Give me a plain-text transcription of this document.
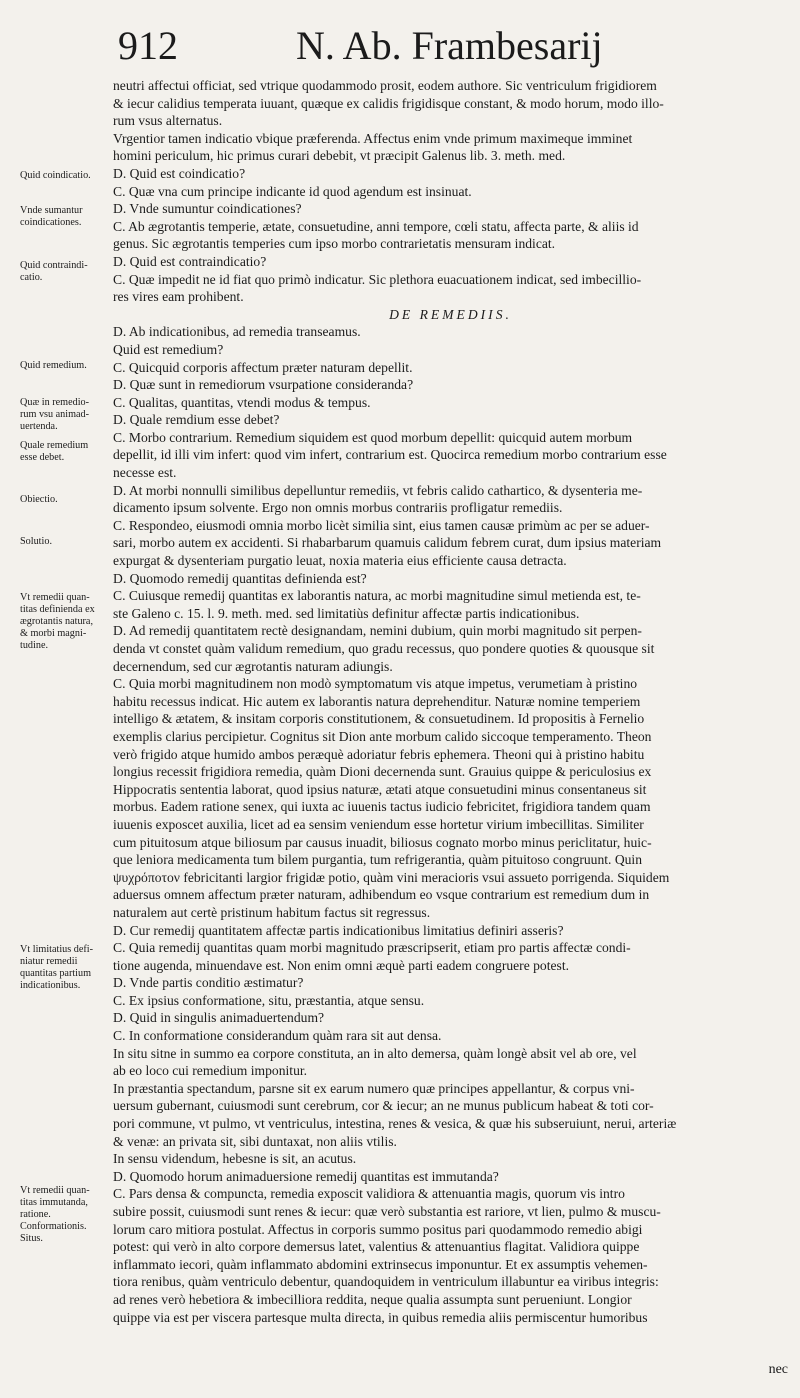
912	N. Ab. Frambesarij
neutri affectui officiat, sed vtrique quodammodo prosit, eodem authore. Sic ventriculum frigidiorem
& iecur calidius temperata iuuant, quæque ex calidis frigidisque constant, & modo horum, modo illo-
rum vsus alternatus.
Vrgentior tamen indicatio vbique præferenda. Affectus enim vnde primum maximeque imminet
homini periculum, hic primus curari debebit, vt præcipit Galenus lib. 3. meth. med.
D. Quid est coindicatio?
C. Quæ vna cum principe indicante id quod agendum est insinuat.
D. Vnde sumuntur coindicationes?
C. Ab ægrotantis temperie, ætate, consuetudine, anni tempore, cœli statu, affecta parte, & aliis id
genus. Sic ægrotantis temperies cum ipso morbo contrarietatis mensuram indicat.
D. Quid est contraindicatio?
C. Quæ impedit ne id fiat quo primò indicatur. Sic plethora euacuationem indicat, sed imbecillio-
res vires eam prohibent.
DE REMEDIIS.
D. Ab indicationibus, ad remedia transeamus.
Quid est remedium?
C. Quicquid corporis affectum præter naturam depellit.
D. Quæ sunt in remediorum vsurpatione consideranda?
C. Qualitas, quantitas, vtendi modus & tempus.
D. Quale remdium esse debet?
C. Morbo contrarium. Remedium siquidem est quod morbum depellit: quicquid autem morbum
depellit, id illi vim infert: quod vim infert, contrarium est. Quocirca remedium morbo contrarium esse
necesse est.
D. At morbi nonnulli similibus depelluntur remediis, vt febris calido cathartico, & dysenteria me-
dicamento ipsum solvente. Ergo non omnis morbus contrariis profligatur remediis.
C. Respondeo, eiusmodi omnia morbo licèt similia sint, eius tamen causæ primùm ac per se aduer-
sari, morbo autem ex accidenti. Si rhabarbarum quamuis calidum febrem curat, dum ipsius materiam
expurgat & dysenteriam purgatio leuat, noxia materia eius efficiente causa detracta.
D. Quomodo remedij quantitas definienda est?
C. Cuiusque remedij quantitas ex laborantis natura, ac morbi magnitudine simul metienda est, te-
ste Galeno c. 15. l. 9. meth. med. sed limitatiùs definitur affectæ partis indicationibus.
D. Ad remedij quantitatem rectè designandam, nemini dubium, quin morbi magnitudo sit perpen-
denda vt constet quàm validum remedium, quo gradu recessus, quo pondere quoties & quousque sit
decernendum, sed cur ægrotantis naturam adiungis.
C. Quia morbi magnitudinem non modò symptomatum vis atque impetus, verumetiam à pristino
habitu recessus indicat. Hic autem ex laborantis natura deprehenditur. Naturæ nomine temperiem
intelligo & ætatem, & insitam corporis constitutionem, & consuetudinem. Id propositis à Fernelio
exemplis clarius percipietur. Cognitus sit Dion ante morbum calido siccoque temperamento. Theon
verò frigido atque humido ambos peræquè adoriatur febris ephemera. Theoni qui à pristino habitu
longius recessit frigidiora remedia, quàm Dioni decernenda sunt. Grauius quippe & periculosius ex
Hippocratis sententia laborat, quod ipsius naturæ, ætati atque consuetudini minus consentaneus sit
morbus. Eadem ratione senex, qui iuxta ac iuuenis tactus iudicio febricitet, frigidiora tandem quam
iuuenis exposcet auxilia, licet ad ea sensim veniendum esse hortetur virium imbecillitas. Similiter
cum pituitosum atque biliosum par causus inuadit, biliosus cognato morbo minus periclitatur, huic-
que leniora medicamenta tum bilem purgantia, tum refrigerantia, quàm pituitoso congruunt. Quin
ψυχρόποτον febricitanti largior frigidæ potio, quàm vini meracioris vsui assueto porrigenda. Siquidem
aduersus omnem affectum præter naturam, adhibendum eo vsque contrarium est remedium dum in
naturalem aut certè pristinum habitum factus sit regressus.
D. Cur remedij quantitatem affectæ partis indicationibus limitatius definiri asseris?
C. Quia remedij quantitas quam morbi magnitudo præscripserit, etiam pro partis affectæ condi-
tione augenda, minuendave est. Non enim omni æquè parti eadem congruere potest.
D. Vnde partis conditio æstimatur?
C. Ex ipsius conformatione, situ, præstantia, atque sensu.
D. Quid in singulis animaduertendum?
C. In conformatione considerandum quàm rara sit aut densa.
In situ sitne in summo ea corpore constituta, an in alto demersa, quàm longè absit vel ab ore, vel
ab eo loco cui remedium imponitur.
In præstantia spectandum, parsne sit ex earum numero quæ principes appellantur, & corpus vni-
uersum gubernant, cuiusmodi sunt cerebrum, cor & iecur; an ne munus publicum habeat & toti cor-
pori commune, vt pulmo, vt ventriculus, intestina, renes & vesica, & quæ his subseruiunt, nerui, arteriæ
& venæ: an privata sit, sibi duntaxat, non aliis vtilis.
In sensu videndum, hebesne is sit, an acutus.
D. Quomodo horum animaduersione remedij quantitas est immutanda?
C. Pars densa & compuncta, remedia exposcit validiora & attenuantia magis, quorum vis intro
subire possit, cuiusmodi sunt renes & iecur: quæ verò substantia est rariore, vt lien, pulmo & muscu-
lorum caro mitiora postulat. Affectus in corporis summo positus pari quodammodo remedio abigi
potest: qui verò in alto corpore demersus latet, valentius & attenuantius flagitat. Validiora quippe
inflammato iecori, quàm inflammato abdomini extrinsecus imponuntur. Et ex assumptis vehemen-
tiora renibus, quàm ventriculo debentur, quandoquidem in ventriculum illabuntur ea viribus integris:
ad renes verò hebetiora & imbecilliora reddita, neque qualia assumpta sunt perueniunt. Longior
quippe via est per viscera partesque multa directa, in quibus remedia aliis permiscentur humoribus
Quid coindicatio.
Vnde sumantur
coindicationes.
Quid contraindi-
catio.
Quid remedium.
Quæ in remedio-
rum vsu animad-
uertenda.
Quale remedium
esse debet.
Obiectio.
Solutio.
Vt remedii quan-
titas definienda ex
ægrotantis natura,
& morbi magni-
tudine.
Vt limitatius defi-
niatur remedii
quantitas partium
indicationibus.
Vt remedii quan-
titas immutanda,
ratione.
Conformationis.
Situs.
nec
